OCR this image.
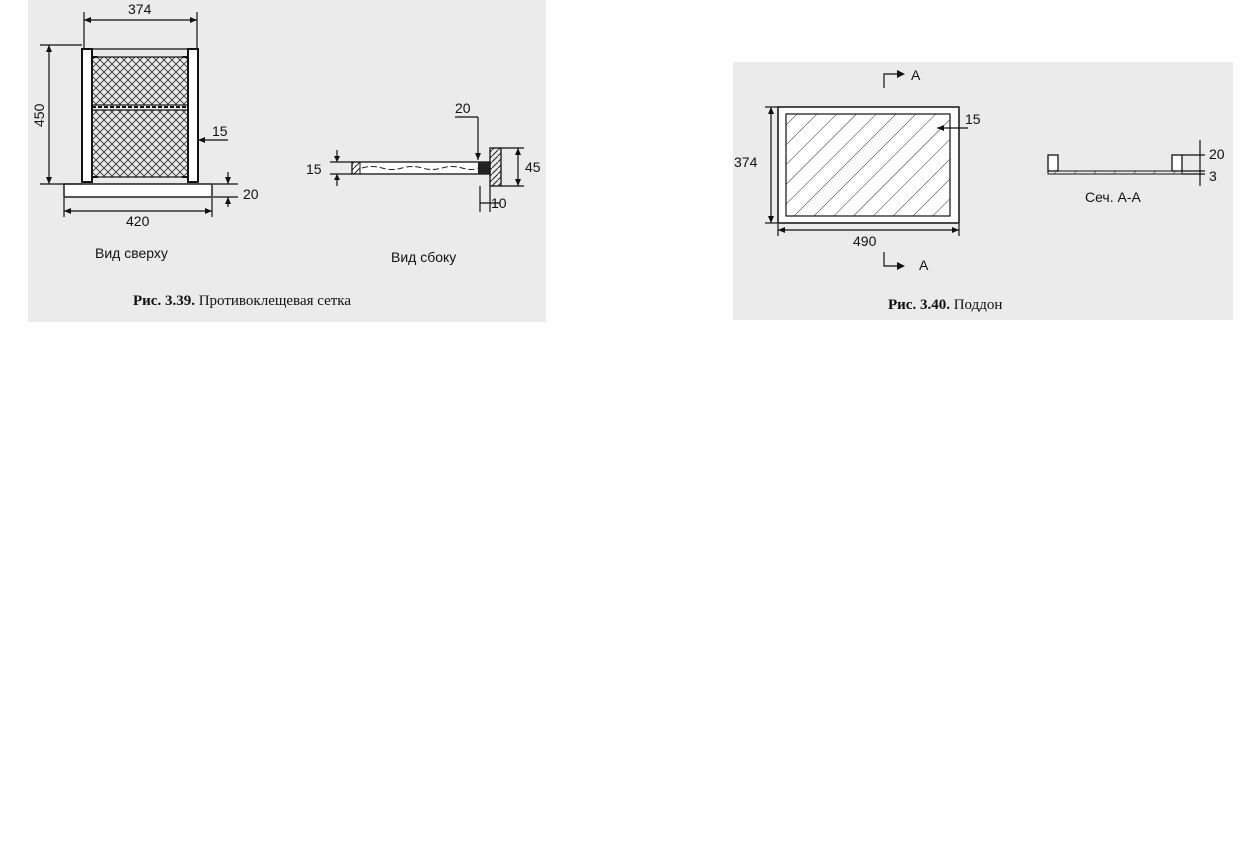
374
450
15
20
420
Вид сверху
15
20
45
10
Вид сбоку
Рис. 3.39. Противоклещевая сетка
A
A
374
15
490
20
3
Сеч. А-А
Рис. 3.40. Поддон
